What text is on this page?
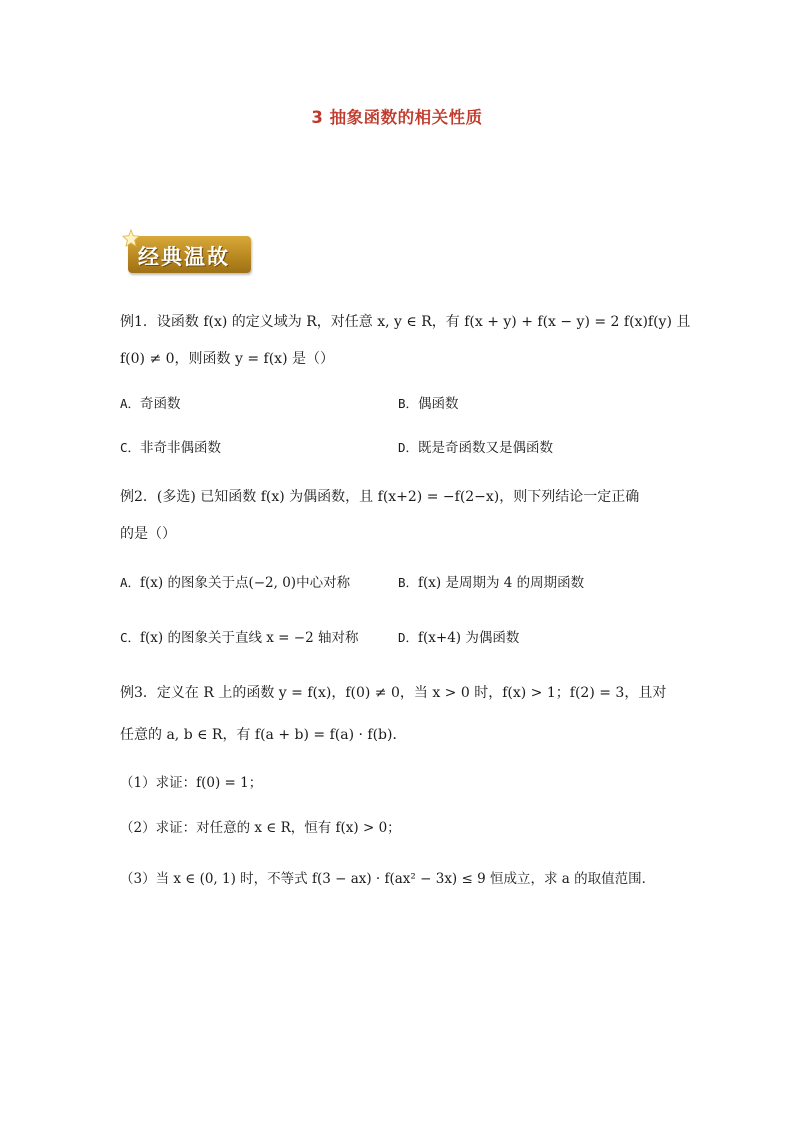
3 抽象函数的相关性质
经典温故
例1．设函数 f(x) 的定义域为 R，对任意 x, y ∈ R，有 f(x + y) + f(x − y) = 2 f(x)f(y) 且
f(0) ≠ 0，则函数 y = f(x) 是（）
A．奇函数	B．偶函数
C．非奇非偶函数	D．既是奇函数又是偶函数
例2．(多选) 已知函数 f(x) 为偶函数，且 f(x+2) = −f(2−x)，则下列结论一定正确
的是（）
A．f(x) 的图象关于点(−2, 0)中心对称	B．f(x) 是周期为 4 的周期函数
C．f(x) 的图象关于直线 x = −2 轴对称	D．f(x+4) 为偶函数
例3．定义在 R 上的函数 y = f(x)，f(0) ≠ 0，当 x > 0 时，f(x) > 1；f(2) = 3，且对
任意的 a, b ∈ R，有 f(a + b) = f(a) · f(b)．
（1）求证：f(0) = 1；
（2）求证：对任意的 x ∈ R，恒有 f(x) > 0；
（3）当 x ∈ (0, 1) 时，不等式 f(3 − ax) · f(ax² − 3x) ≤ 9 恒成立，求 a 的取值范围．
